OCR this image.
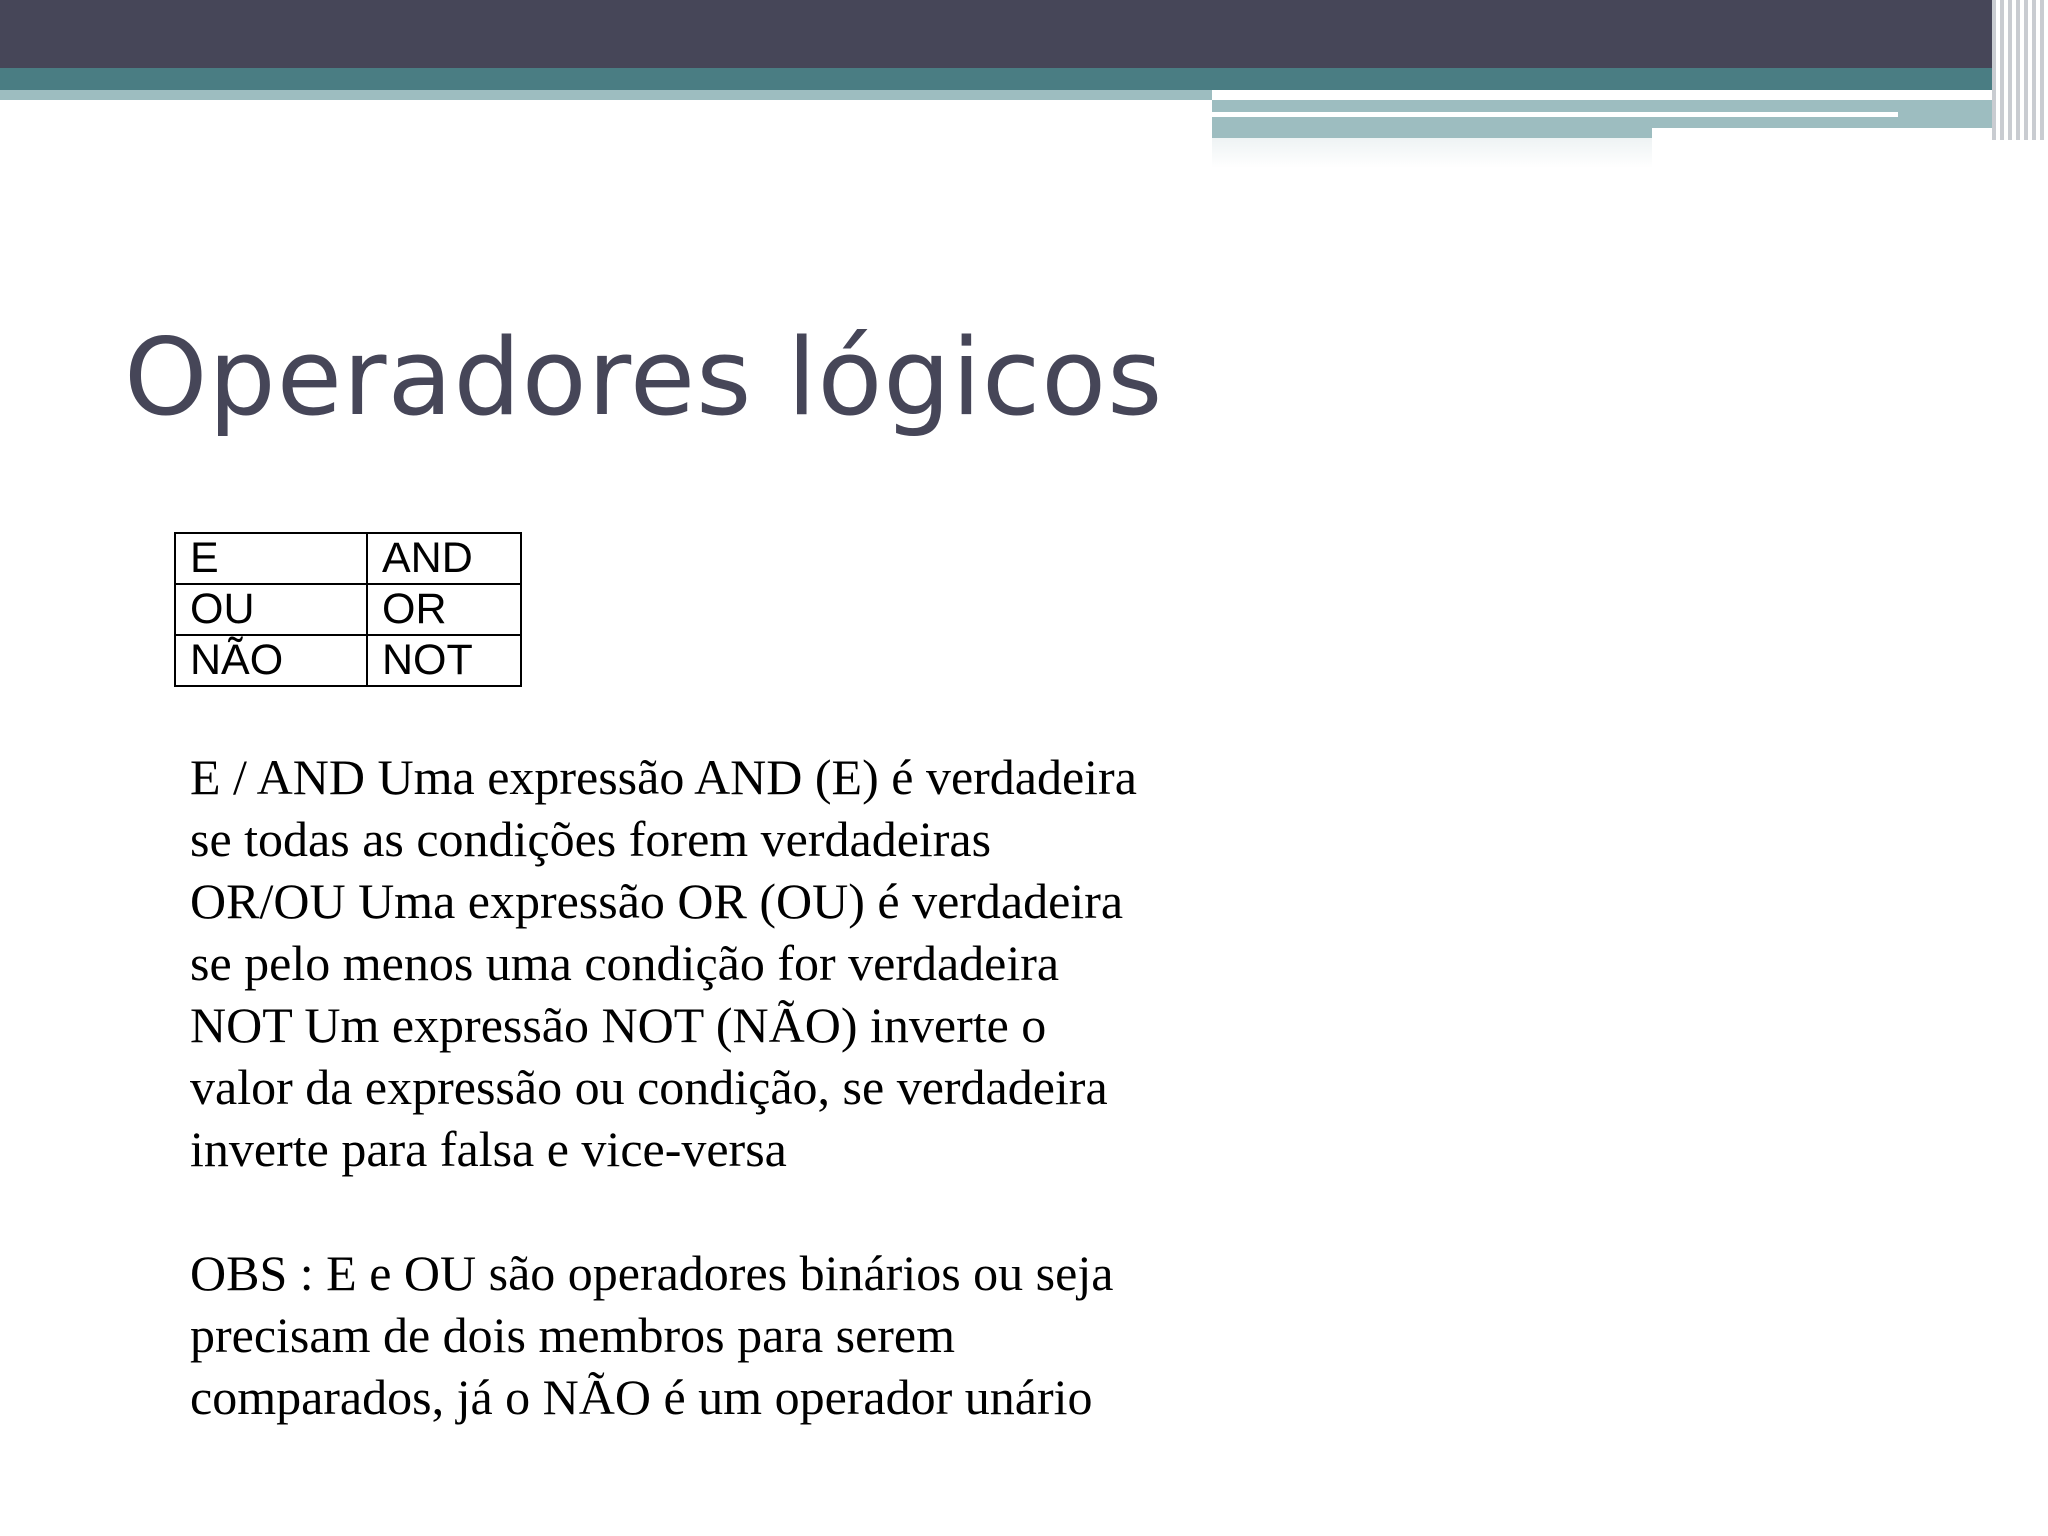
Operadores lógicos
E	AND
OU	OR
NÃO	NOT

E / AND Uma expressão AND (E) é verdadeira

se todas as condições forem verdadeiras

OR/OU Uma expressão OR (OU) é verdadeira

se pelo menos uma condição for verdadeira

NOT Um expressão NOT (NÃO) inverte o

valor da expressão ou condição, se verdadeira

inverte para falsa e vice-versa

OBS : E e OU são operadores binários ou seja

precisam de dois membros para serem

comparados, já o NÃO é um operador unário
